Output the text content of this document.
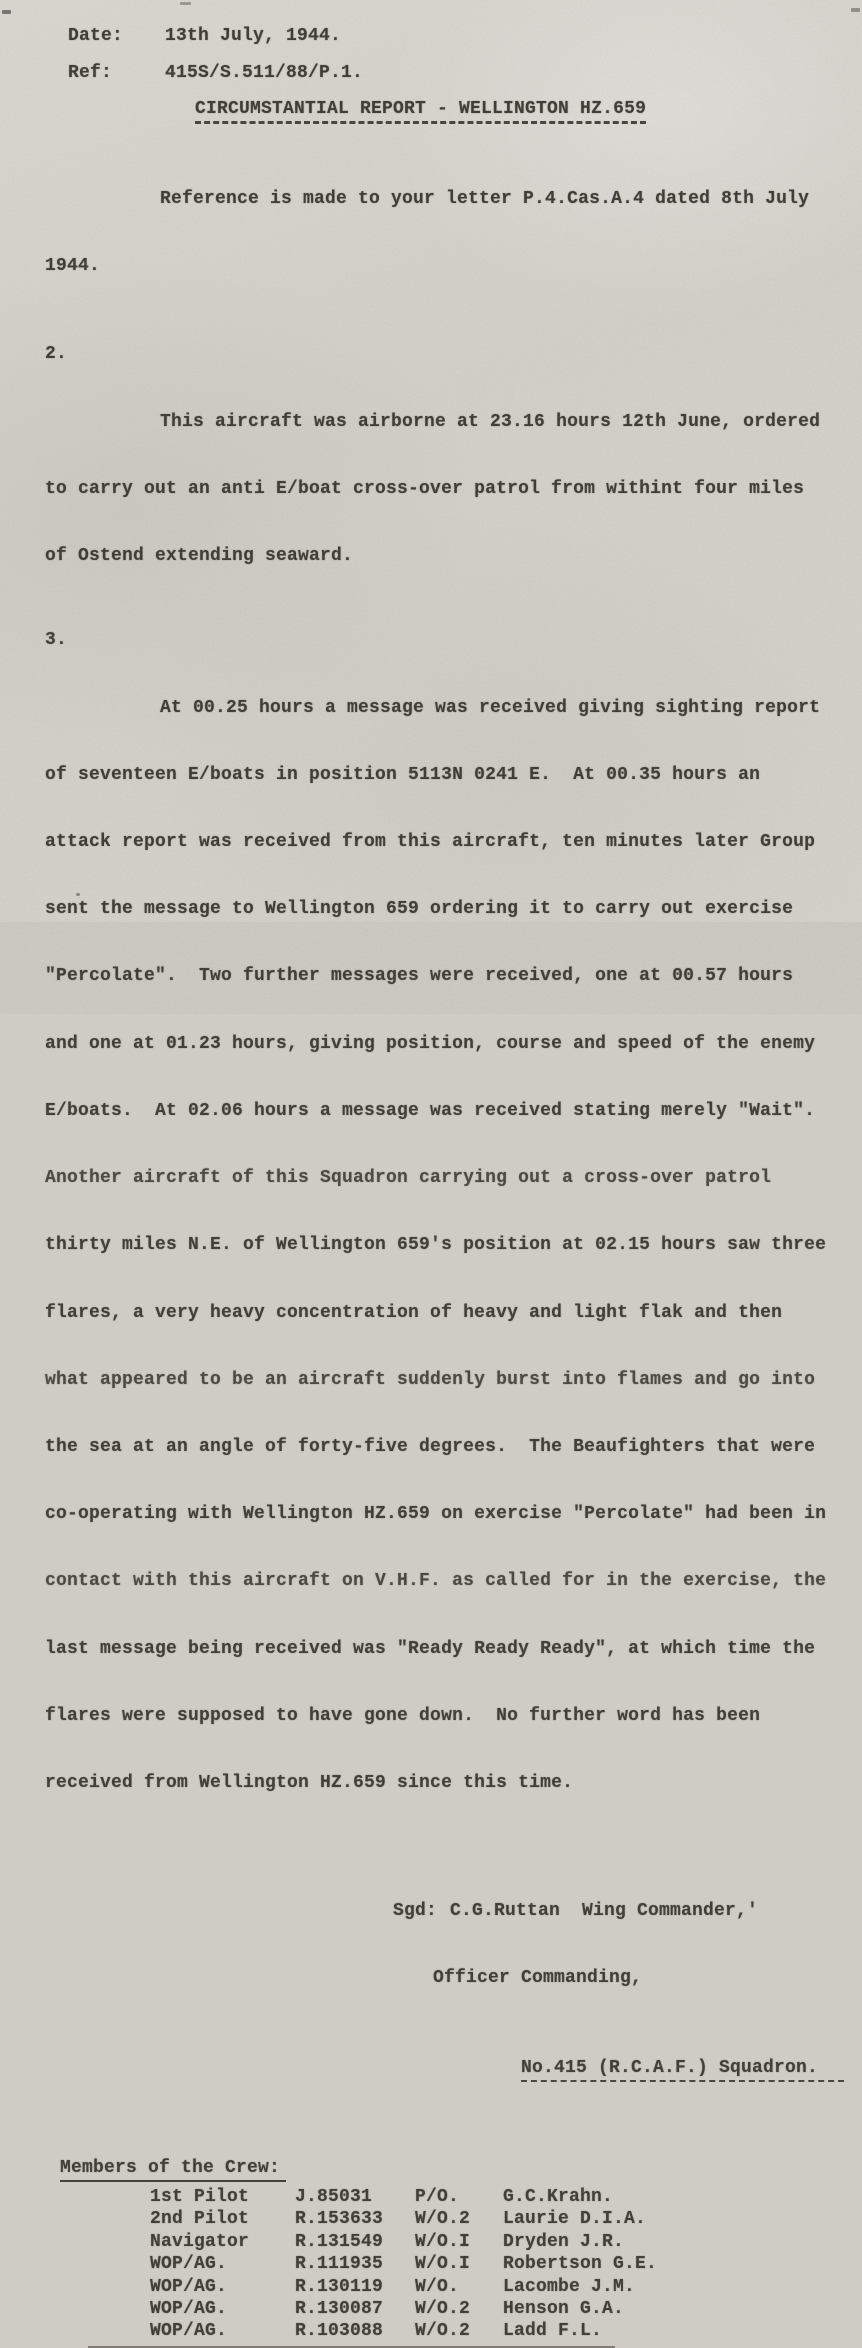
Date:	13th July, 1944.
Ref:	415S/S.511/88/P.1.
CIRCUMSTANTIAL REPORT - WELLINGTON HZ.659

Reference is made to your letter P.4.Cas.A.4 dated 8th July

1944.

2.

This aircraft was airborne at 23.16 hours 12th June, ordered

to carry out an anti E/boat cross-over patrol from withint four miles

of Ostend extending seaward.

3.

At 00.25 hours a message was received giving sighting report

of seventeen E/boats in position 5113N 0241 E.  At 00.35 hours an

attack report was received from this aircraft, ten minutes later Group

sent the message to Wellington 659 ordering it to carry out exercise

"Percolate".  Two further messages were received, one at 00.57 hours

and one at 01.23 hours, giving position, course and speed of the enemy

E/boats.  At 02.06 hours a message was received stating merely "Wait".

Another aircraft of this Squadron carrying out a cross-over patrol

thirty miles N.E. of Wellington 659's position at 02.15 hours saw three

flares, a very heavy concentration of heavy and light flak and then

what appeared to be an aircraft suddenly burst into flames and go into

the sea at an angle of forty-five degrees.  The Beaufighters that were

co-operating with Wellington HZ.659 on exercise "Percolate" had been in

contact with this aircraft on V.H.F. as called for in the exercise, the

last message being received was "Ready Ready Ready", at which time the

flares were supposed to have gone down.  No further word has been

received from Wellington HZ.659 since this time.

Sgd: C.G.Ruttan  Wing Commander,'

Officer Commanding,

No.415 (R.C.A.F.) Squadron.

Members of the Crew:
1st Pilot	J.85031	P/O.	G.C.Krahn.
2nd Pilot	R.153633	W/O.2	Laurie D.I.A.
Navigator	R.131549	W/O.I	Dryden J.R.
WOP/AG.	R.111935	W/O.I	Robertson G.E.
WOP/AG.	R.130119	W/O.	Lacombe J.M.
WOP/AG.	R.130087	W/O.2	Henson G.A.
WOP/AG.	R.103088	W/O.2	Ladd F.L.
